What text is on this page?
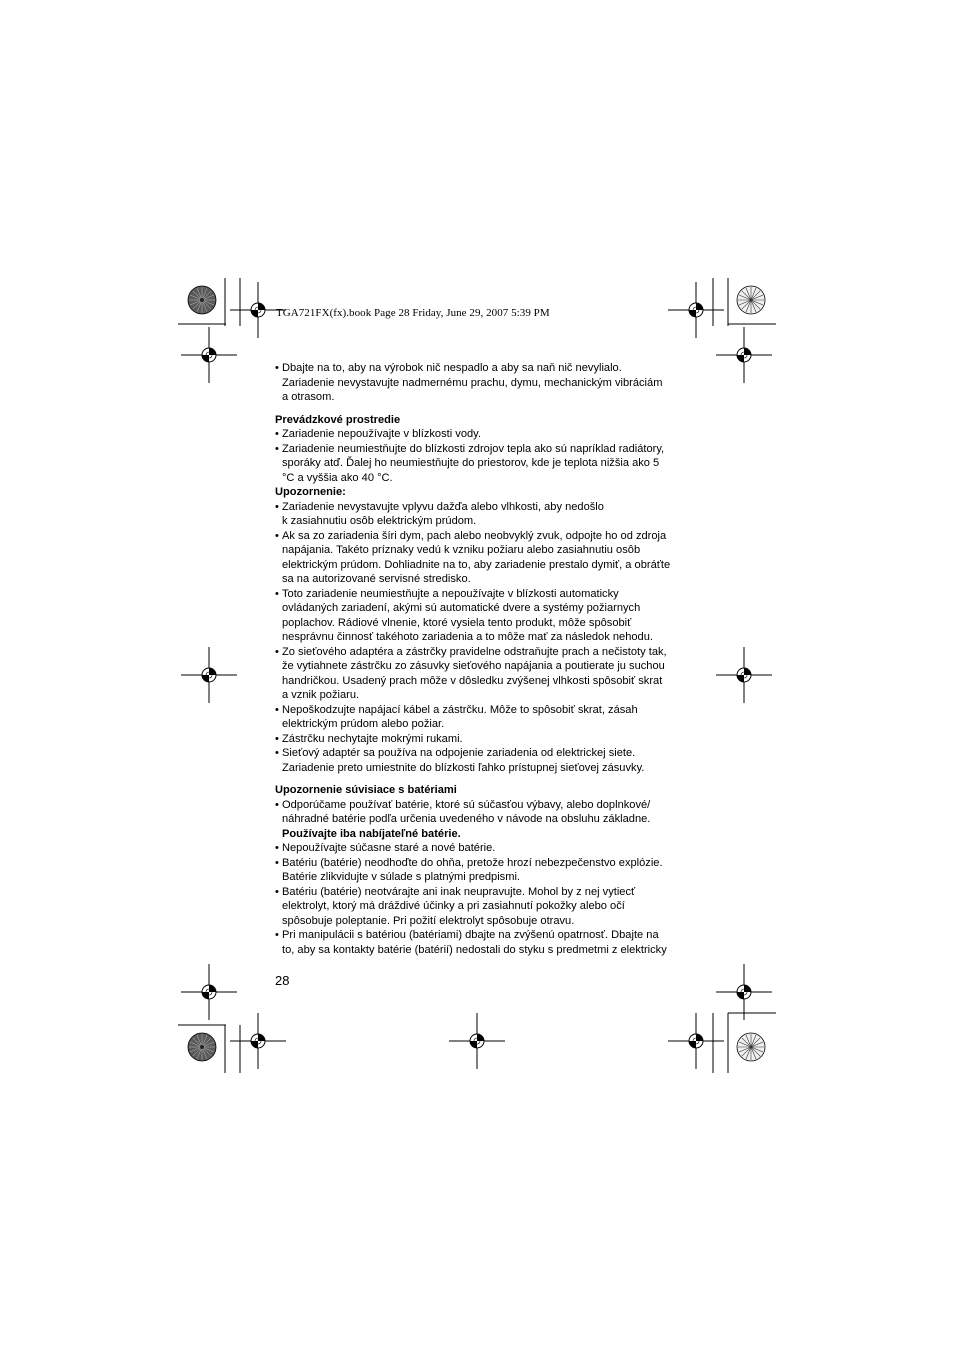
TGA721FX(fx).book Page 28 Friday, June 29, 2007 5:39 PM
• Dbajte na to, aby na výrobok nič nespadlo a aby sa naň nič nevylialo.
Zariadenie nevystavujte nadmernému prachu, dymu, mechanickým vibráciám
a otrasom.
Prevádzkové prostredie
• Zariadenie nepoužívajte v blízkosti vody.
• Zariadenie neumiestňujte do blízkosti zdrojov tepla ako sú napríklad radiátory,
sporáky atď. Ďalej ho neumiestňujte do priestorov, kde je teplota nižšia ako 5
°C a vyššia ako 40 °C.
Upozornenie:
• Zariadenie nevystavujte vplyvu dažďa alebo vlhkosti, aby nedošlo
k zasiahnutiu osôb elektrickým prúdom.
• Ak sa zo zariadenia šíri dym, pach alebo neobvyklý zvuk, odpojte ho od zdroja
napájania. Takéto príznaky vedú k vzniku požiaru alebo zasiahnutiu osôb
elektrickým prúdom. Dohliadnite na to, aby zariadenie prestalo dymiť, a obráťte
sa na autorizované servisné stredisko.
• Toto zariadenie neumiestňujte a nepoužívajte v blízkosti automaticky
ovládaných zariadení, akými sú automatické dvere a systémy požiarnych
poplachov. Rádiové vlnenie, ktoré vysiela tento produkt, môže spôsobiť
nesprávnu činnosť takéhoto zariadenia a to môže mať za následok nehodu.
• Zo sieťového adaptéra a zástrčky pravidelne odstraňujte prach a nečistoty tak,
že vytiahnete zástrčku zo zásuvky sieťového napájania a poutierate ju suchou
handričkou. Usadený prach môže v dôsledku zvýšenej vlhkosti spôsobiť skrat
a vznik požiaru.
• Nepoškodzujte napájací kábel a zástrčku. Môže to spôsobiť skrat, zásah
elektrickým prúdom alebo požiar.
• Zástrčku nechytajte mokrými rukami.
• Sieťový adaptér sa používa na odpojenie zariadenia od elektrickej siete.
Zariadenie preto umiestnite do blízkosti ľahko prístupnej sieťovej zásuvky.
Upozornenie súvisiace s batériami
• Odporúčame používať batérie, ktoré sú súčasťou výbavy, alebo doplnkové/
náhradné batérie podľa určenia uvedeného v návode na obsluhu základne.
Používajte iba nabíjateľné batérie.
• Nepoužívajte súčasne staré a nové batérie.
• Batériu (batérie) neodhoďte do ohňa, pretože hrozí nebezpečenstvo explózie.
Batérie zlikvidujte v súlade s platnými predpismi.
• Batériu (batérie) neotvárajte ani inak neupravujte. Mohol by z nej vytiecť
elektrolyt, ktorý má dráždivé účinky a pri zasiahnutí pokožky alebo očí
spôsobuje poleptanie. Pri požití elektrolyt spôsobuje otravu.
• Pri manipulácii s batériou (batériami) dbajte na zvýšenú opatrnosť. Dbajte na
to, aby sa kontakty batérie (batérií) nedostali do styku s predmetmi z elektricky
28
